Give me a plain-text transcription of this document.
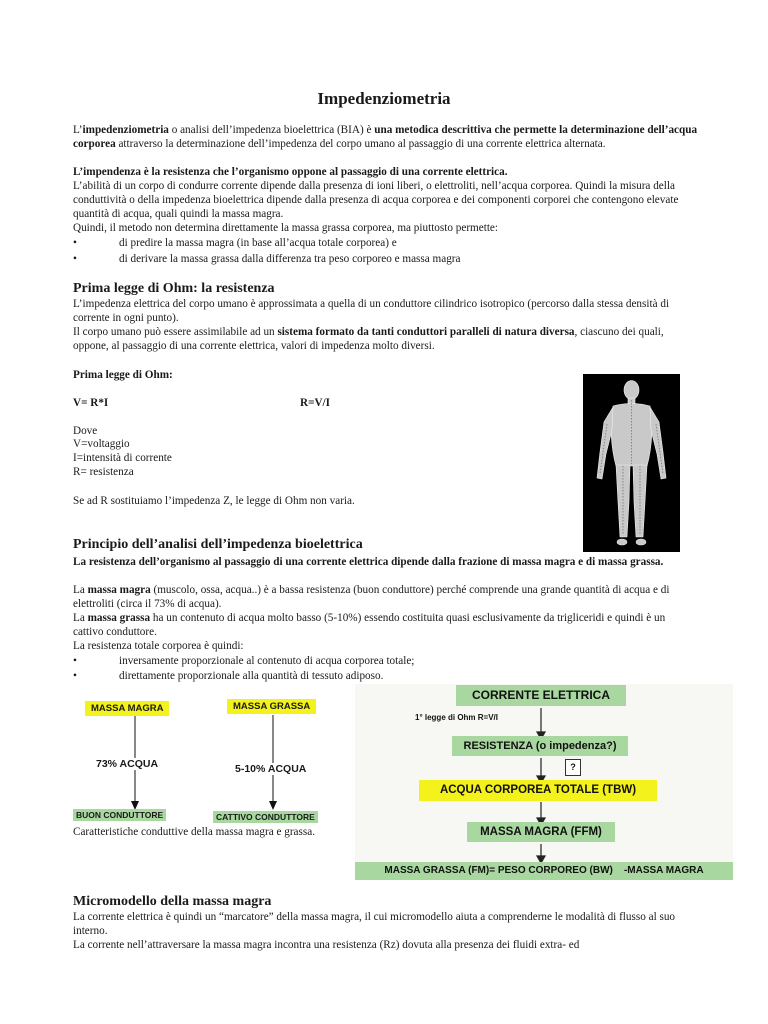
Impedenziometria
L’impedenziometria o analisi dell’impedenza bioelettrica (BIA) è una metodica descrittiva che permette la determinazione dell’acqua corporea attraverso la determinazione dell’impedenza del corpo umano al passaggio di una corrente elettrica alternata.
L’impendenza è la resistenza che l’organismo oppone al passaggio di una corrente elettrica.
L’abilità di un corpo di condurre corrente dipende dalla presenza di ioni liberi, o elettroliti, nell’acqua corporea. Quindi la misura della conduttività o della impedenza bioelettrica dipende dalla presenza di acqua corporea e dei componenti corporei che contengono elevate quantità di acqua, quali quindi la massa magra.
Quindi, il metodo non determina direttamente la massa grassa corporea, ma piuttosto permette:
•	di predire la massa magra (in base all’acqua totale corporea) e
•	di derivare la massa grassa dalla differenza tra peso corporeo e massa magra
Prima legge di Ohm: la resistenza
L’impedenza elettrica del corpo umano è approssimata a quella di un conduttore cilindrico isotropico (percorso dalla stessa densità di corrente in ogni punto).
Il corpo umano può essere assimilabile ad un sistema formato da tanti conduttori paralleli di natura diversa, ciascuno dei quali, oppone, al passaggio di una corrente elettrica, valori di impedenza molto diversi.
Prima legge di Ohm:
V= R*I	R=V/I
Dove
V=voltaggio
I=intensità di corrente
R= resistenza
Se ad R sostituiamo l’impedenza Z, le legge di Ohm non varia.
Principio dell’analisi dell’impedenza bioelettrica
La resistenza dell’organismo al passaggio di una corrente elettrica dipende dalla frazione di massa magra e di massa grassa.
La massa magra (muscolo, ossa, acqua..) è a bassa resistenza (buon conduttore) perché comprende una grande quantità di acqua e di elettroliti (circa il 73% di acqua).
La massa grassa ha un contenuto di acqua molto basso (5-10%) essendo costituita quasi esclusivamente da trigliceridi e quindi è un cattivo conduttore.
La resistenza totale corporea è quindi:
•	inversamente proporzionale al contenuto di acqua corporea totale;
•	direttamente proporzionale alla quantità di tessuto adiposo.
MASSA MAGRA	MASSA GRASSA
73% ACQUA	5-10% ACQUA
BUON CONDUTTORE	CATTIVO CONDUTTORE
Caratteristiche conduttive della massa magra e grassa.
CORRENTE ELETTRICA
1° legge di Ohm R=V/I
RESISTENZA (o impedenza?)
?
ACQUA CORPOREA TOTALE (TBW)
MASSA MAGRA (FFM)
MASSA GRASSA (FM)= PESO CORPOREO (BW)    -MASSA MAGRA
Micromodello della massa magra
La corrente elettrica è quindi un “marcatore” della massa magra, il cui micromodello aiuta a comprenderne le modalità di flusso al suo interno.
La corrente nell’attraversare la massa magra incontra una resistenza (Rz) dovuta alla presenza dei fluidi extra- ed
